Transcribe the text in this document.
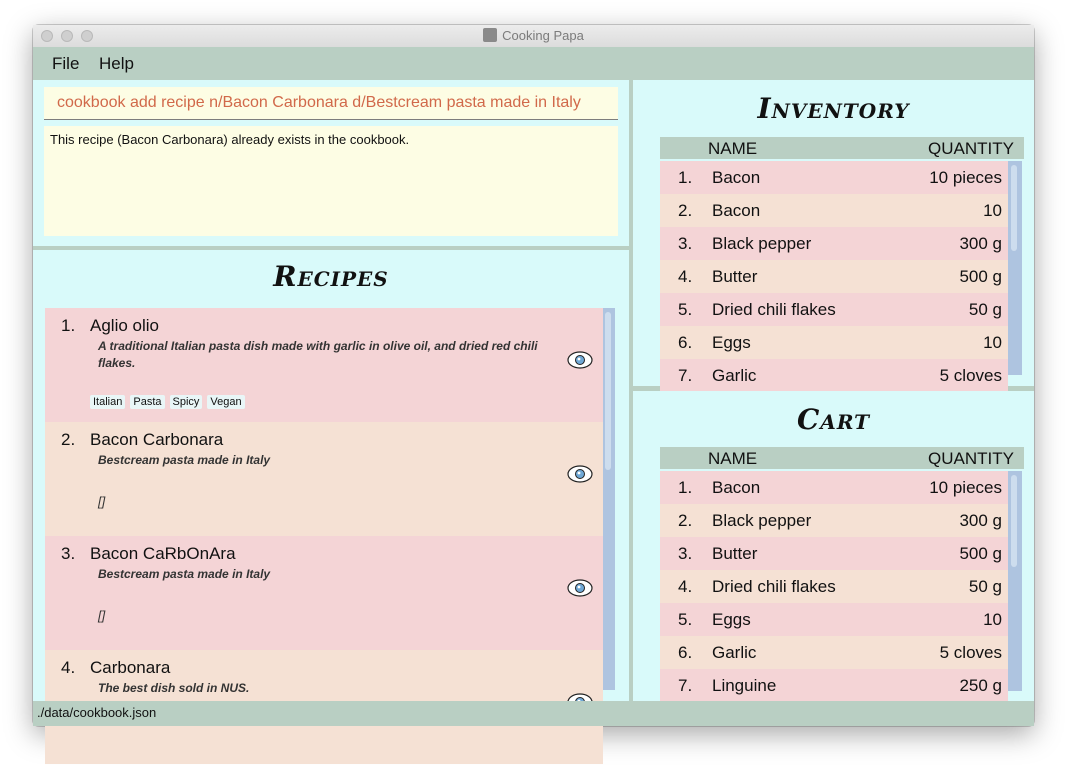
Cooking Papa
File Help
cookbook add recipe n/Bacon Carbonara d/Bestcream pasta made in Italy
This recipe (Bacon Carbonara) already exists in the cookbook.
Recipes
1. Aglio olio
A traditional Italian pasta dish made with garlic in olive oil, and dried red chili flakes.
Italian Pasta Spicy Vegan
2. Bacon Carbonara
Bestcream pasta made in Italy
[]
3. Bacon CaRbOnAra
Bestcream pasta made in Italy
[]
4. Carbonara
The best dish sold in NUS.
Inventory
NAME	QUANTITY
1. Bacon	10 pieces
2. Bacon	10
3. Black pepper	300 g
4. Butter	500 g
5. Dried chili flakes	50 g
6. Eggs	10
7. Garlic	5 cloves
Cart
NAME	QUANTITY
1. Bacon	10 pieces
2. Black pepper	300 g
3. Butter	500 g
4. Dried chili flakes	50 g
5. Eggs	10
6. Garlic	5 cloves
7. Linguine	250 g
./data/cookbook.json
